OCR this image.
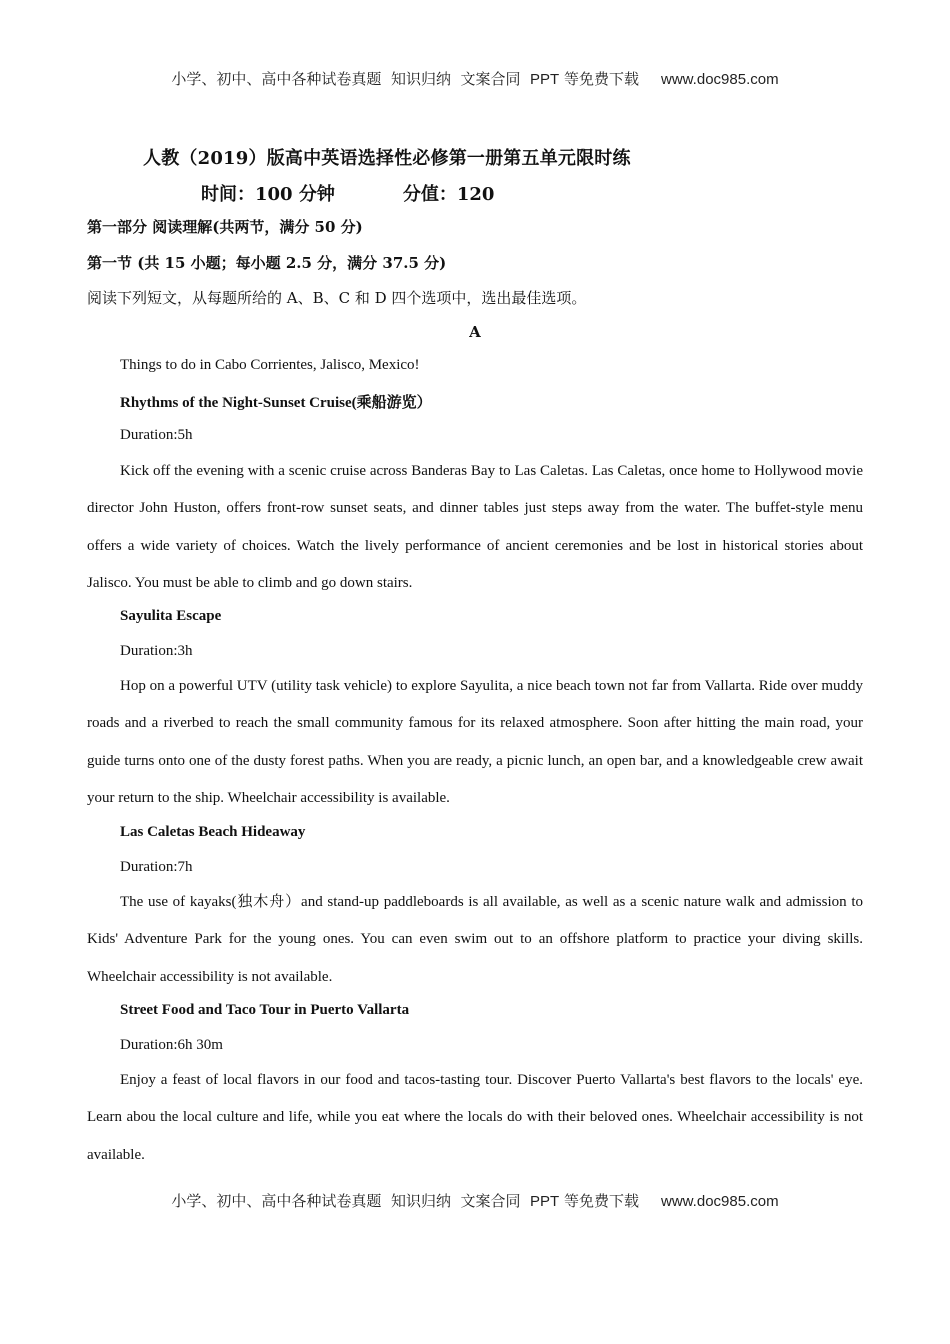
小学、初中、高中各种试卷真题  知识归纳  文案合同  PPT 等免费下载 www.doc985.com
人教（2019）版高中英语选择性必修第一册第五单元限时练
时间：100 分钟	分值：120
第一部分 阅读理解(共两节，满分 50 分)
第一节 (共 15 小题；每小题 2.5 分，满分 37.5 分)
阅读下列短文，从每题所给的 A、B、C 和 D 四个选项中，选出最佳选项。
A
Things to do in Cabo Corrientes, Jalisco, Mexico!
Rhythms of the Night-Sunset Cruise(乘船游览）
Duration:5h

Kick off the evening with a scenic cruise across Banderas Bay to Las Caletas. Las Caletas, once home to Hollywood movie director John Huston, offers front-row sunset seats, and dinner tables just steps away from the water. The buffet-style menu offers a wide variety of choices. Watch the lively performance of ancient ceremonies and be lost in historical stories about Jalisco. You must be able to climb and go down stairs.

Sayulita Escape
Duration:3h

Hop on a powerful UTV (utility task vehicle) to explore Sayulita, a nice beach town not far from Vallarta. Ride over muddy roads and a riverbed to reach the small community famous for its relaxed atmosphere. Soon after hitting the main road, your guide turns onto one of the dusty forest paths. When you are ready, a picnic lunch, an open bar, and a knowledgeable crew await your return to the ship. Wheelchair accessibility is available.

Las Caletas Beach Hideaway
Duration:7h

The use of kayaks(独木舟）and stand-up paddleboards is all available, as well as a scenic nature walk and admission to Kids' Adventure Park for the young ones. You can even swim out to an offshore platform to practice your diving skills. Wheelchair accessibility is not available.

Street Food and Taco Tour in Puerto Vallarta
Duration:6h 30m

Enjoy a feast of local flavors in our food and tacos-tasting tour. Discover Puerto Vallarta's best flavors to the locals' eye. Learn abou the local culture and life, while you eat where the locals do with their beloved ones. Wheelchair accessibility is not available.

小学、初中、高中各种试卷真题  知识归纳  文案合同  PPT 等免费下载 www.doc985.com
